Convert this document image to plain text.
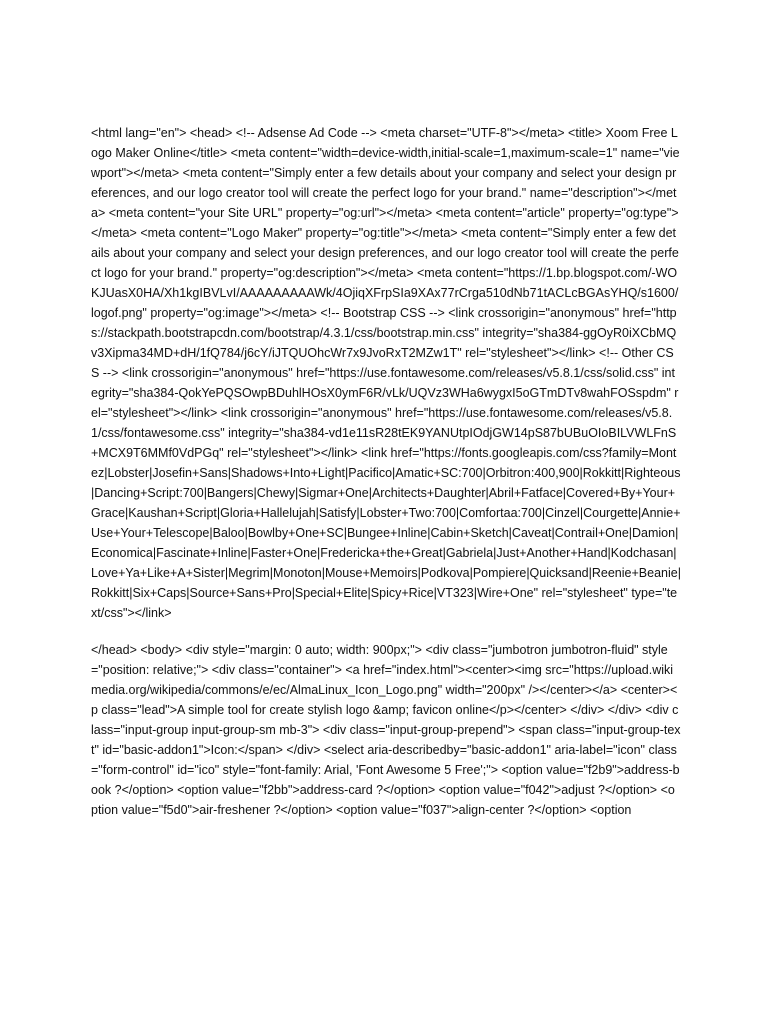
<html lang="en"> <head> <!-- Adsense Ad Code --> <meta charset="UTF-8"></meta> <title> Xoom Free Logo Maker Online</title> <meta content="width=device-width,initial-scale=1,maximum-scale=1" name="viewport"></meta> <meta content="Simply enter a few details about your company and select your design preferences, and our logo creator tool will create the perfect logo for your brand." name="description"></meta> <meta content="your Site URL" property="og:url"></meta> <meta content="article" property="og:type"></meta> <meta content="Logo Maker" property="og:title"></meta> <meta content="Simply enter a few details about your company and select your design preferences, and our logo creator tool will create the perfect logo for your brand." property="og:description"></meta> <meta content="https://1.bp.blogspot.com/-WOKJUasX0HA/Xh1kgIBVLvI/AAAAAAAAAWk/4OjiqXFrpSIa9XAx77rCrga510dNb71tACLcBGAsYHQ/s1600/logof.png" property="og:image"></meta> <!-- Bootstrap CSS --> <link crossorigin="anonymous" href="https://stackpath.bootstrapcdn.com/bootstrap/4.3.1/css/bootstrap.min.css" integrity="sha384-ggOyR0iXCbMQv3Xipma34MD+dH/1fQ784/j6cY/iJTQUOhcWr7x9JvoRxT2MZw1T" rel="stylesheet"></link> <!-- Other CSS --> <link crossorigin="anonymous" href="https://use.fontawesome.com/releases/v5.8.1/css/solid.css" integrity="sha384-QokYePQSOwpBDuhlHOsX0ymF6R/vLk/UQVz3WHa6wygxI5oGTmDTv8wahFOSspdm" rel="stylesheet"></link> <link crossorigin="anonymous" href="https://use.fontawesome.com/releases/v5.8.1/css/fontawesome.css" integrity="sha384-vd1e11sR28tEK9YANUtpIOdjGW14pS87bUBuOIoBILVWLFnS+MCX9T6MMf0VdPGq" rel="stylesheet"></link> <link href="https://fonts.googleapis.com/css?family=Montez|Lobster|Josefin+Sans|Shadows+Into+Light|Pacifico|Amatic+SC:700|Orbitron:400,900|Rokkitt|Righteous|Dancing+Script:700|Bangers|Chewy|Sigmar+One|Architects+Daughter|Abril+Fatface|Covered+By+Your+Grace|Kaushan+Script|Gloria+Hallelujah|Satisfy|Lobster+Two:700|Comfortaa:700|Cinzel|Courgette|Annie+Use+Your+Telescope|Baloo|Bowlby+One+SC|Bungee+Inline|Cabin+Sketch|Caveat|Contrail+One|Damion|Economica|Fascinate+Inline|Faster+One|Fredericka+the+Great|Gabriela|Just+Another+Hand|Kodchasan|Love+Ya+Like+A+Sister|Megrim|Monoton|Mouse+Memoirs|Podkova|Pompiere|Quicksand|Reenie+Beanie|Rokkitt|Six+Caps|Source+Sans+Pro|Special+Elite|Spicy+Rice|VT323|Wire+One" rel="stylesheet" type="text/css"></link>

</head> <body> <div style="margin: 0 auto; width: 900px;"> <div class="jumbotron jumbotron-fluid" style="position: relative;"> <div class="container"> <a href="index.html"><center><img src="https://upload.wikimedia.org/wikipedia/commons/e/ec/AlmaLinux_Icon_Logo.png" width="200px" /></center></a> <center><p class="lead">A simple tool for create stylish logo &amp; favicon online</p></center> </div> </div> <div class="input-group input-group-sm mb-3"> <div class="input-group-prepend"> <span class="input-group-text" id="basic-addon1">Icon:</span> </div> <select aria-describedby="basic-addon1" aria-label="icon" class="form-control" id="ico" style="font-family: Arial, 'Font Awesome 5 Free';"> <option value="f2b9">address-book ?</option> <option value="f2bb">address-card ?</option> <option value="f042">adjust ?</option> <option value="f5d0">air-freshener ?</option> <option value="f037">align-center ?</option> <option
